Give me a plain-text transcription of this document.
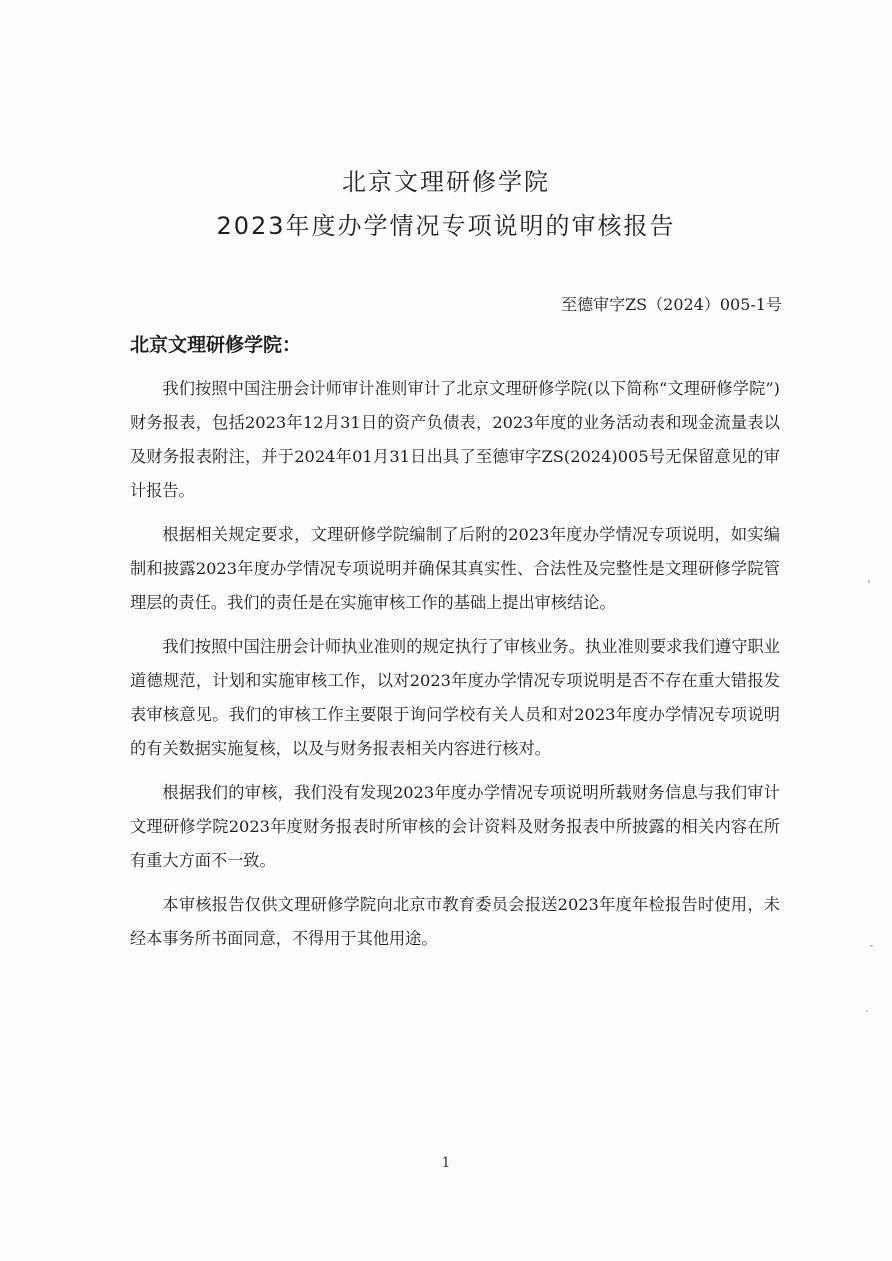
北京文理研修学院
2023年度办学情况专项说明的审核报告
至德审字ZS（2024）005-1号
北京文理研修学院：

我们按照中国注册会计师审计准则审计了北京文理研修学院(以下简称“文理研修学院”)财务报表，包括2023年12月31日的资产负债表，2023年度的业务活动表和现金流量表以及财务报表附注，并于2024年01月31日出具了至德审字ZS(2024)005号无保留意见的审计报告。

根据相关规定要求，文理研修学院编制了后附的2023年度办学情况专项说明，如实编制和披露2023年度办学情况专项说明并确保其真实性、合法性及完整性是文理研修学院管理层的责任。我们的责任是在实施审核工作的基础上提出审核结论。

我们按照中国注册会计师执业准则的规定执行了审核业务。执业准则要求我们遵守职业道德规范，计划和实施审核工作，以对2023年度办学情况专项说明是否不存在重大错报发表审核意见。我们的审核工作主要限于询问学校有关人员和对2023年度办学情况专项说明的有关数据实施复核，以及与财务报表相关内容进行核对。

根据我们的审核，我们没有发现2023年度办学情况专项说明所载财务信息与我们审计文理研修学院2023年度财务报表时所审核的会计资料及财务报表中所披露的相关内容在所有重大方面不一致。

本审核报告仅供文理研修学院向北京市教育委员会报送2023年度年检报告时使用，未经本事务所书面同意，不得用于其他用途。

1
